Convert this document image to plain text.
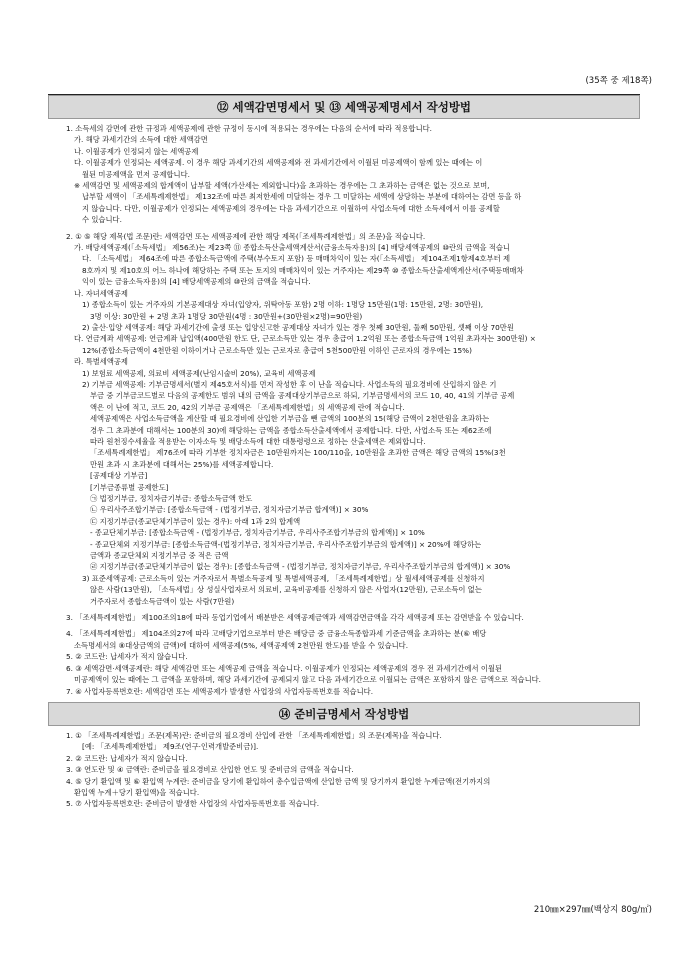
(35쪽 중 제18쪽)
⑫ 세액감면명세서 및 ⑬ 세액공제명세서 작성방법

1. 소득세의 감면에 관한 규정과 세액공제에 관한 규정이 동시에 적용되는 경우에는 다음의 순서에 따라 적용합니다.

가. 해당 과세기간의 소득에 대한 세액감면

나. 이월공제가 인정되지 않는 세액공제

다. 이월공제가 인정되는 세액공제. 이 경우 해당 과세기간의 세액공제와 전 과세기간에서 이월된 미공제액이 함께 있는 때에는 이

월된 미공제액을 먼저 공제합니다.

※ 세액감면 및 세액공제의 합계액이 납부할 세액(가산세는 제외합니다)을 초과하는 경우에는 그 초과하는 금액은 없는 것으로 보며,

납부할 세액이 「조세특례제한법」 제132조에 따른 최저한세에 미달하는 경우 그 미달하는 세액에 상당하는 부분에 대하여는 감면 등을 하

지 않습니다. 다만, 이월공제가 인정되는 세액공제의 경우에는 다음 과세기간으로 이월하여 사업소득에 대한 소득세에서 이를 공제할

수 있습니다.

2. ① ⑤ 해당 제목(법 조문)란: 세액감면 또는 세액공제에 관한 해당 제목(「조세특례제한법」의 조문)을 적습니다.

가. 배당세액공제(「소득세법」 제56조)는 제23쪽 ⑪ 종합소득산출세액계산서(금융소득자용)의 [4] 배당세액공제의 ⑩란의 금액을 적습니

다. 「소득세법」 제64조에 따른 종합소득금액에 주택(부수토지 포함) 등 매매차익이 있는 자(「소득세법」 제104조제1항제4호부터 제

8호까지 및 제10호의 어느 하나에 해당하는 주택 또는 토지의 매매차익이 있는 거주자)는 제29쪽 ⑩ 종합소득산출세액계산서(주택등매매차

익이 있는 금융소득자용)의 [4] 배당세액공제의 ⑩란의 금액을 적습니다.

나. 자녀세액공제

1) 종합소득이 있는 거주자의 기본공제대상 자녀(입양자, 위탁아동 포함) 2명 이하: 1명당 15만원(1명: 15만원, 2명: 30만원),

3명 이상: 30만원 + 2명 초과 1명당 30만원(4명 : 30만원+(30만원×2명)=90만원)

2) 출산·입양 세액공제: 해당 과세기간에 출생 또는 입양신고한 공제대상 자녀가 있는 경우 첫째 30만원, 둘째 50만원, 셋째 이상 70만원

다. 연금계좌 세액공제: 연금계좌 납입액(400만원 한도 단, 근로소득만 있는 경우 총급여 1.2억원 또는 종합소득금액 1억원 초과자는 300만원) ×

12%(종합소득금액이 4천만원 이하이거나 근로소득만 있는 근로자로 총급여 5천500만원 이하인 근로자의 경우에는 15%)

라. 특별세액공제

1) 보험료 세액공제, 의료비 세액공제(난임시술비 20%), 교육비 세액공제

2) 기부금 세액공제: 기부금명세서(별지 제45호서식)를 먼저 작성한 후 이 난을 적습니다. 사업소득의 필요경비에 산입하지 않은 기

부금 중 기부금코드별로 다음의 공제한도 범위 내의 금액을 공제대상기부금으로 하되, 기부금명세서의 코드 10, 40, 41의 기부금 공제

액은 이 난에 적고, 코드 20, 42의 기부금 공제액은 「조세특례제한법」의 세액공제 란에 적습니다.

세액공제액은 사업소득금액을 계산할 때 필요경비에 산입한 기부금을 뺀 금액의 100분의 15(해당 금액이 2천만원을 초과하는

경우 그 초과분에 대해서는 100분의 30)에 해당하는 금액을 종합소득산출세액에서 공제합니다. 다만, 사업소득 또는 제62조에

따라 원천징수세율을 적용받는 이자소득 및 배당소득에 대한 대통령령으로 정하는 산출세액은 제외합니다.

「조세특례제한법」 제76조에 따라 기부한 정치자금은 10만원까지는 100/110을, 10만원을 초과한 금액은 해당 금액의 15%(3천

만원 초과 시 초과분에 대해서는 25%)를 세액공제합니다.

[공제대상 기부금]

[기부금종류별 공제한도]

㉠ 법정기부금, 정치자금기부금: 종합소득금액 한도

㉡ 우리사주조합기부금: [종합소득금액 - (법정기부금, 정치자금기부금 합계액)] × 30%

㉢ 지정기부금(종교단체기부금이 있는 경우): 아래 1과 2의 합계액

- 종교단체기부금: [종합소득금액 - (법정기부금, 정치자금기부금, 우리사주조합기부금의 합계액)] × 10%

- 종교단체외 지정기부금: [종합소득금액-(법정기부금, 정치자금기부금, 우리사주조합기부금의 합계액)] × 20%에 해당하는

금액과 종교단체외 지정기부금 중 적은 금액

㉣ 지정기부금(종교단체기부금이 없는 경우): [종합소득금액 - (법정기부금, 정치자금기부금, 우리사주조합기부금의 합계액)] × 30%

3) 표준세액공제: 근로소득이 있는 거주자로서 특별소득공제 및 특별세액공제, 「조세특례제한법」상 월세세액공제를 신청하지

않은 사람(13만원), 「소득세법」상 성실사업자로서 의료비, 교육비공제를 신청하지 않은 사업자(12만원), 근로소득이 없는

거주자로서 종합소득금액이 있는 사람(7만원)

3. 「조세특례제한법」 제100조의18에 따라 동업기업에서 배분받은 세액공제금액과 세액감면금액을 각각 세액공제 또는 감면받을 수 있습니다.

4. 「조세특례제한법」 제104조의27에 따라 고배당기업으로부터 받은 배당금 중 금융소득종합과세 기준금액을 초과하는 분(⑥ 배당

소득명세서의 ⑧대상금액의 금액)에 대하여 세액공제(5%, 세액공제액 2천만원 한도)를 받을 수 있습니다.

5. ② 코드란: 납세자가 적지 않습니다.

6. ③ 세액감면·세액공제란: 해당 세액감면 또는 세액공제 금액을 적습니다. 이월공제가 인정되는 세액공제의 경우 전 과세기간에서 이월된

미공제액이 있는 때에는 그 금액을 포함하며, 해당 과세기간에 공제되지 않고 다음 과세기간으로 이월되는 금액은 포함하지 않은 금액으로 적습니다.

7. ④ 사업자등록번호란: 세액감면 또는 세액공제가 발생한 사업장의 사업자등록번호를 적습니다.

⑭ 준비금명세서 작성방법

1. ① 「조세특례제한법」조문(제목)란: 준비금의 필요경비 산입에 관한 「조세특례제한법」의 조문(제목)을 적습니다.

[예: 「조세특례제한법」 제9조(연구·인력개발준비금)].

2. ② 코드란: 납세자가 적지 않습니다.

3. ③ 연도란 및 ④ 금액란: 준비금을 필요경비로 산입한 연도 및 준비금의 금액을 적습니다.

4. ⑤ 당기 환입액 및 ⑥ 환입액 누계란: 준비금을 당기에 환입하여 총수입금액에 산입한 금액 및 당기까지 환입한 누계금액(전기까지의

환입액 누계＋당기 환입액)을 적습니다.

5. ⑦ 사업자등록번호란: 준비금이 발생한 사업장의 사업자등록번호를 적습니다.

210㎜×297㎜(백상지 80g/㎡)
